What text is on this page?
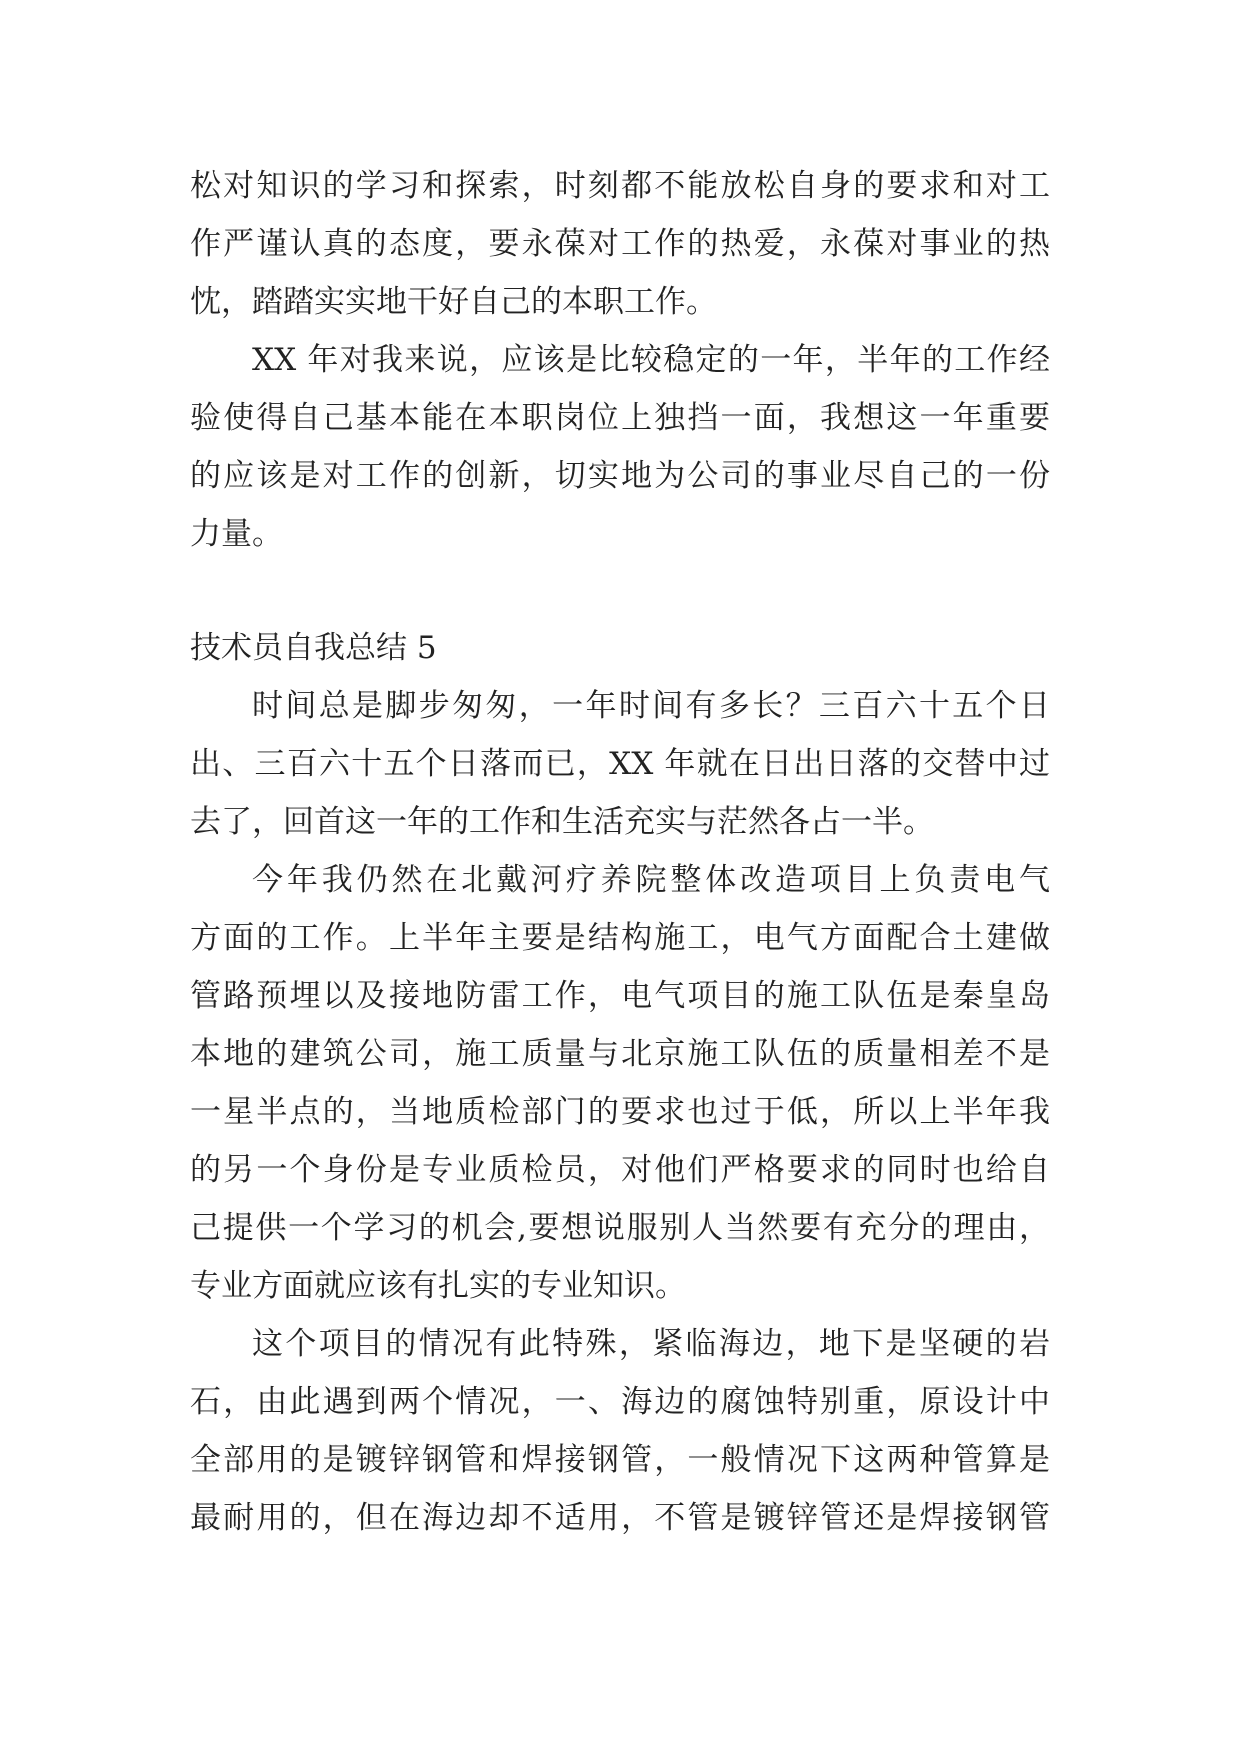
松对知识的学习和探索，时刻都不能放松自身的要求和对工
作严谨认真的态度，要永葆对工作的热爱，永葆对事业的热
忱，踏踏实实地干好自己的本职工作。
XX 年对我来说，应该是比较稳定的一年，半年的工作经
验使得自己基本能在本职岗位上独挡一面，我想这一年重要
的应该是对工作的创新，切实地为公司的事业尽自己的一份
力量。
技术员自我总结 5
时间总是脚步匆匆，一年时间有多长？三百六十五个日
出、三百六十五个日落而已，XX 年就在日出日落的交替中过
去了，回首这一年的工作和生活充实与茫然各占一半。
今年我仍然在北戴河疗养院整体改造项目上负责电气
方面的工作。上半年主要是结构施工，电气方面配合土建做
管路预埋以及接地防雷工作，电气项目的施工队伍是秦皇岛
本地的建筑公司，施工质量与北京施工队伍的质量相差不是
一星半点的，当地质检部门的要求也过于低，所以上半年我
的另一个身份是专业质检员，对他们严格要求的同时也给自
己提供一个学习的机会,要想说服别人当然要有充分的理由，
专业方面就应该有扎实的专业知识。
这个项目的情况有此特殊，紧临海边，地下是坚硬的岩
石，由此遇到两个情况，一、海边的腐蚀特别重，原设计中
全部用的是镀锌钢管和焊接钢管，一般情况下这两种管算是
最耐用的，但在海边却不适用，不管是镀锌管还是焊接钢管
